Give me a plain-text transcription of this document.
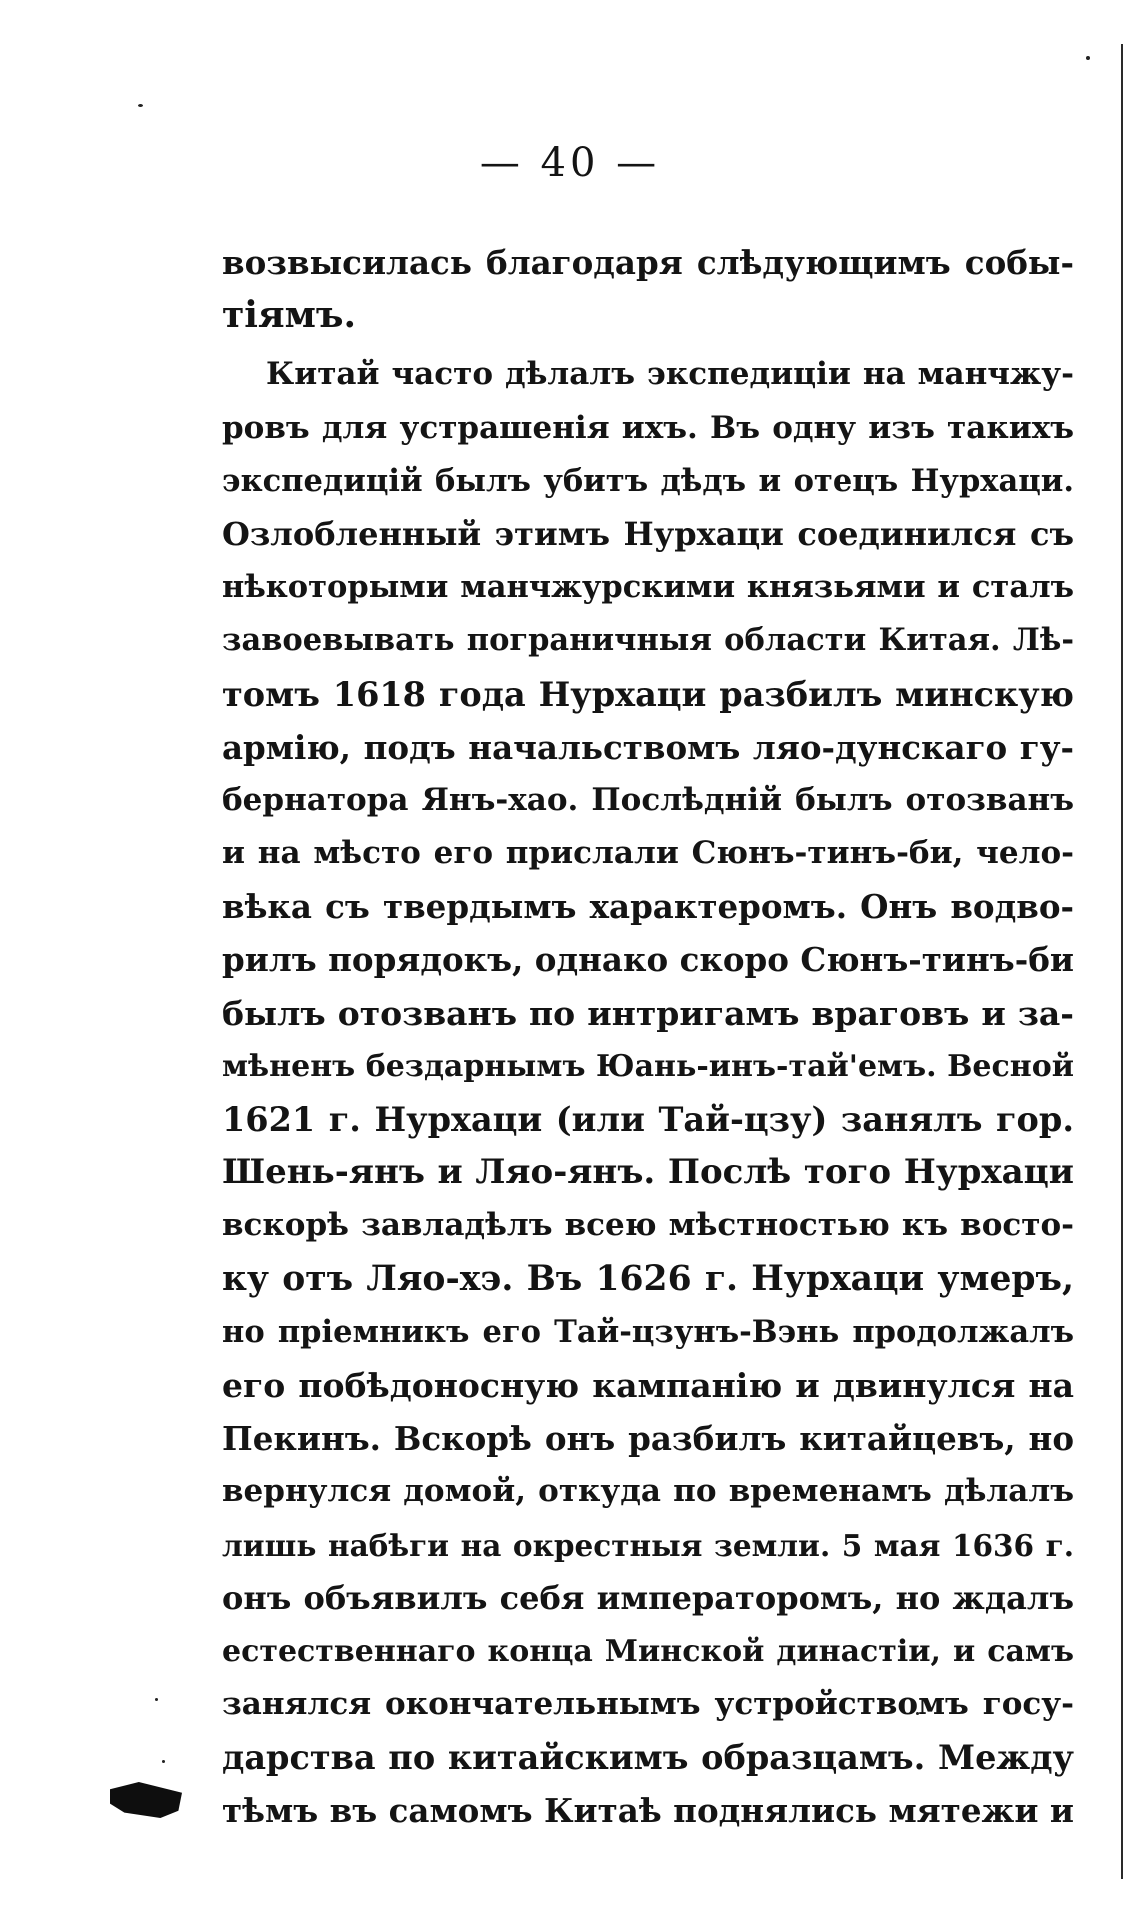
— 40 —
возвысилась благодаря слѣдующимъ собы-
тіямъ.
Китай часто дѣлалъ экспедиціи на манчжу-
ровъ для устрашенія ихъ. Въ одну изъ такихъ
экспедицій былъ убитъ дѣдъ и отецъ Нурхаци.
Озлобленный этимъ Нурхаци соединился съ
нѣкоторыми манчжурскими князьями и сталъ
завоевывать пограничныя области Китая. Лѣ-
томъ 1618 года Нурхаци разбилъ минскую
армію, подъ начальствомъ ляо-дунскаго гу-
бернатора Янъ-хао. Послѣдній былъ отозванъ
и на мѣсто его прислали Сюнъ-тинъ-би, чело-
вѣка съ твердымъ характеромъ. Онъ водво-
рилъ порядокъ, однако скоро Сюнъ-тинъ-би
былъ отозванъ по интригамъ враговъ и за-
мѣненъ бездарнымъ Юань-инъ-тай'емъ. Весной
1621 г. Нурхаци (или Тай-цзу) занялъ гор.
Шень-янъ и Ляо-янъ. Послѣ того Нурхаци
вскорѣ завладѣлъ всею мѣстностью къ восто-
ку отъ Ляо-хэ. Въ 1626 г. Нурхаци умеръ,
но пріемникъ его Тай-цзунъ-Вэнь продолжалъ
его побѣдоносную кампанію и двинулся на
Пекинъ. Вскорѣ онъ разбилъ китайцевъ, но
вернулся домой, откуда по временамъ дѣлалъ
лишь набѣги на окрестныя земли. 5 мая 1636 г.
онъ объявилъ себя императоромъ, но ждалъ
естественнаго конца Минской династіи, и самъ
занялся окончательнымъ устройствомъ госу-
дарства по китайскимъ образцамъ. Между
тѣмъ въ самомъ Китаѣ поднялись мятежи и
